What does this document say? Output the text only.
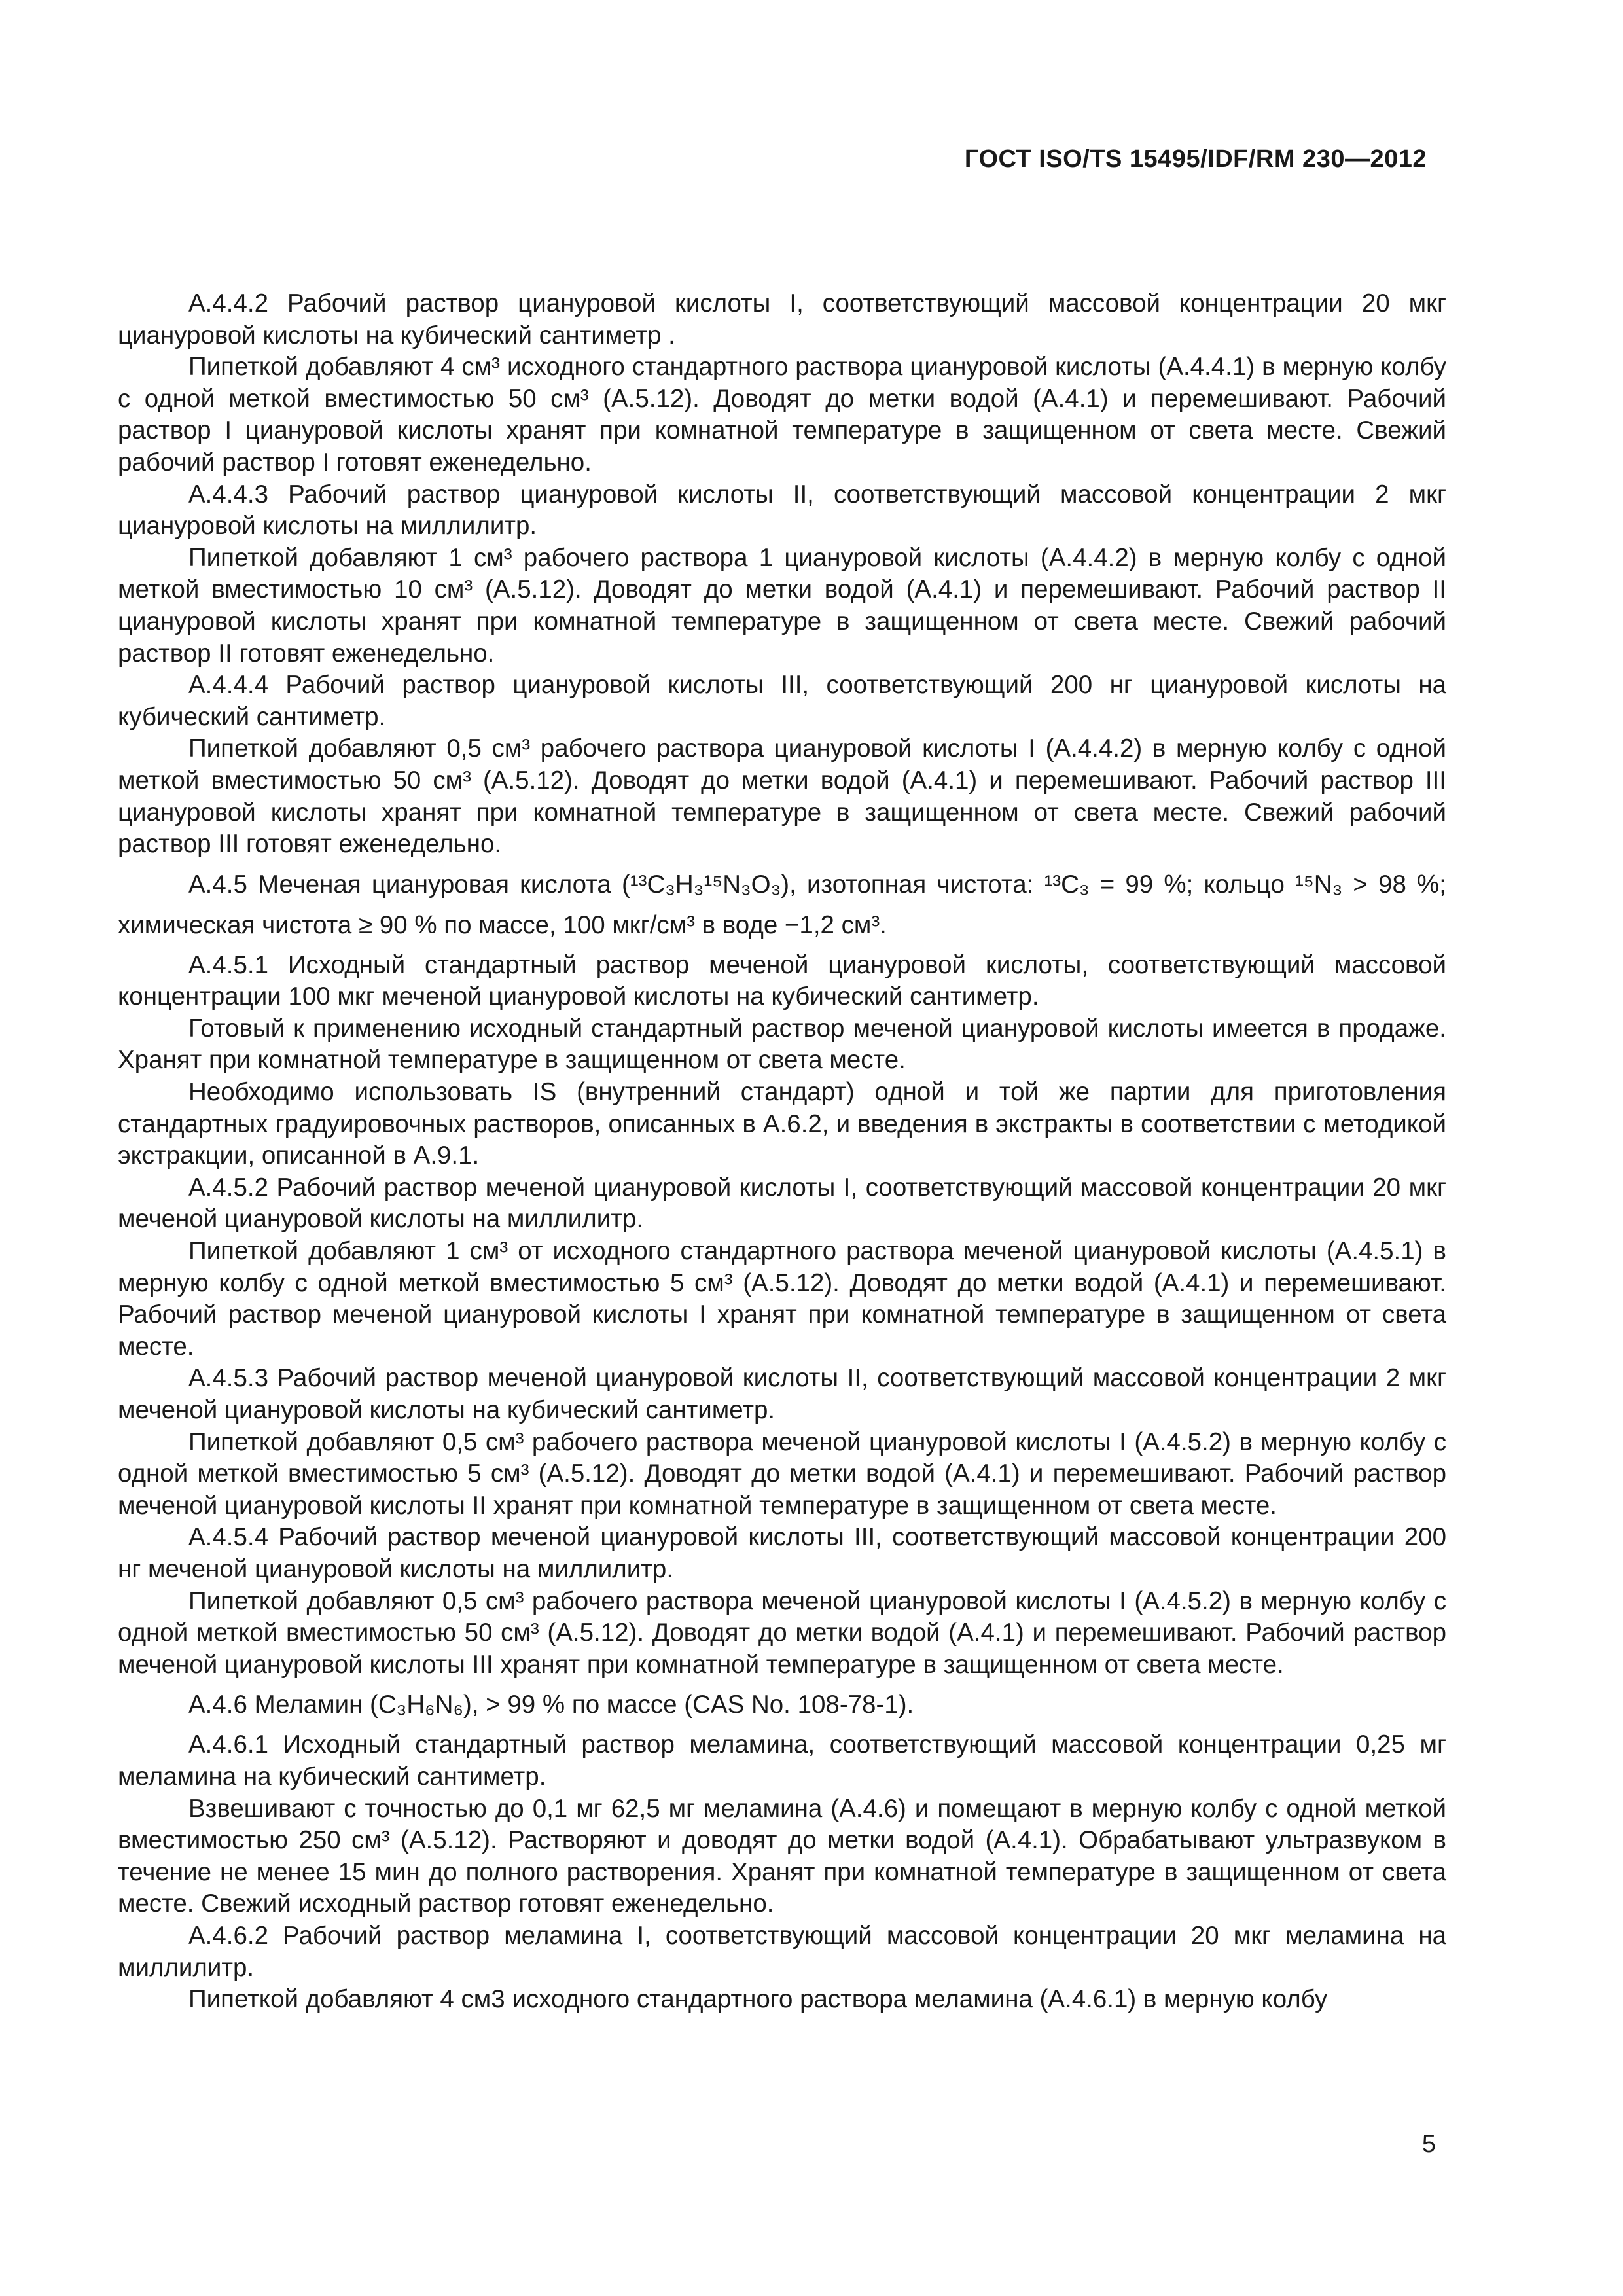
ГОСТ ISO/TS 15495/IDF/RM 230—2012

A.4.4.2 Рабочий раствор циануровой кислоты I, соответствующий массовой концентрации 20 мкг циануровой кислоты на кубический сантиметр .

Пипеткой добавляют 4 см³ исходного стандартного раствора циануровой кислоты (А.4.4.1) в мерную колбу с одной меткой вместимостью 50 см³ (А.5.12). Доводят до метки водой (А.4.1) и перемешивают. Рабочий раствор I циануровой кислоты хранят при комнатной температуре в защищенном от света месте. Свежий рабочий раствор I готовят еженедельно.

А.4.4.3 Рабочий раствор циануровой кислоты II, соответствующий массовой концентрации 2 мкг циануровой кислоты на миллилитр.

Пипеткой добавляют 1 см³ рабочего раствора 1 циануровой кислоты (А.4.4.2) в мерную колбу с одной меткой вместимостью 10 см³ (А.5.12). Доводят до метки водой (А.4.1) и перемешивают. Рабочий раствор II циануровой кислоты хранят при комнатной температуре в защищенном от света месте. Свежий рабочий раствор II готовят еженедельно.

А.4.4.4 Рабочий раствор циануровой кислоты III, соответствующий 200 нг циануровой кислоты на кубический сантиметр.

Пипеткой добавляют 0,5 см³ рабочего раствора циануровой кислоты I (А.4.4.2) в мерную колбу с одной меткой вместимостью 50 см³ (А.5.12). Доводят до метки водой (А.4.1) и перемешивают. Рабочий раствор III циануровой кислоты хранят при комнатной температуре в защищенном от света месте. Свежий рабочий раствор III готовят еженедельно.

А.4.5 Меченая циануровая кислота (¹³C₃H₃¹⁵N₃O₃), изотопная чистота: ¹³C₃ = 99 %; кольцо ¹⁵N₃ > 98 %; химическая чистота ≥ 90 % по массе, 100 мкг/см³ в воде −1,2 см³.

А.4.5.1 Исходный стандартный раствор меченой циануровой кислоты, соответствующий массовой концентрации 100 мкг меченой циануровой кислоты на кубический сантиметр.

Готовый к применению исходный стандартный раствор меченой циануровой кислоты имеется в продаже. Хранят при комнатной температуре в защищенном от света месте.

Необходимо использовать IS (внутренний стандарт) одной и той же партии для приготовления стандартных градуировочных растворов, описанных в А.6.2, и введения в экстракты в соответствии с методикой экстракции, описанной в А.9.1.

А.4.5.2 Рабочий раствор меченой циануровой кислоты I, соответствующий массовой концентрации 20 мкг меченой циануровой кислоты на миллилитр.

Пипеткой добавляют 1 см³ от исходного стандартного раствора меченой циануровой кислоты (А.4.5.1) в мерную колбу с одной меткой вместимостью 5 см³ (А.5.12). Доводят до метки водой (А.4.1) и перемешивают. Рабочий раствор меченой циануровой кислоты I хранят при комнатной температуре в защищенном от света месте.

А.4.5.3 Рабочий раствор меченой циануровой кислоты II, соответствующий массовой концентрации 2 мкг меченой циануровой кислоты на кубический сантиметр.

Пипеткой добавляют 0,5 см³ рабочего раствора меченой циануровой кислоты I (А.4.5.2) в мерную колбу с одной меткой вместимостью 5 см³ (А.5.12). Доводят до метки водой (А.4.1) и перемешивают. Рабочий раствор меченой циануровой кислоты II хранят при комнатной температуре в защищенном от света месте.

А.4.5.4 Рабочий раствор меченой циануровой кислоты III, соответствующий массовой концентрации 200 нг меченой циануровой кислоты на миллилитр.

Пипеткой добавляют 0,5 см³ рабочего раствора меченой циануровой кислоты I (А.4.5.2) в мерную колбу с одной меткой вместимостью 50 см³ (А.5.12). Доводят до метки водой (А.4.1) и перемешивают. Рабочий раствор меченой циануровой кислоты III хранят при комнатной температуре в защищенном от света месте.

А.4.6 Меламин (C₃H₆N₆), > 99 % по массе (CAS No. 108-78-1).

А.4.6.1 Исходный стандартный раствор меламина, соответствующий массовой концентрации 0,25 мг меламина на кубический сантиметр.

Взвешивают с точностью до 0,1 мг 62,5 мг меламина (А.4.6) и помещают в мерную колбу с одной меткой вместимостью 250 см³ (А.5.12). Растворяют и доводят до метки водой (А.4.1). Обрабатывают ультразвуком в течение не менее 15 мин до полного растворения. Хранят при комнатной температуре в защищенном от света месте. Свежий исходный раствор готовят еженедельно.

А.4.6.2 Рабочий раствор меламина I, соответствующий массовой концентрации 20 мкг меламина на миллилитр.

Пипеткой добавляют 4 см3 исходного стандартного раствора меламина (А.4.6.1) в мерную колбу

5
